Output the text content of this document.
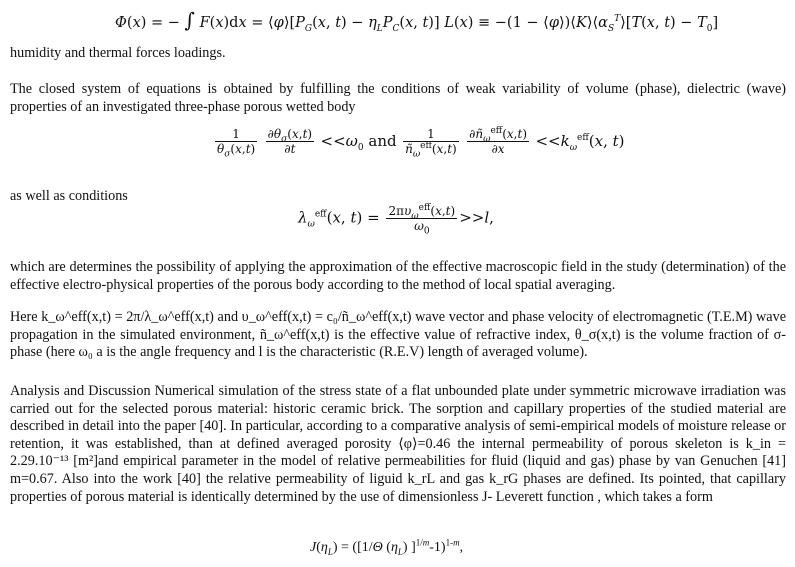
Φ(x) = − ∫ $F(x)dx = ⟨\varphi⟩[P_G(x$, $t) - \eta_LP_C(x$, t)] $L(x) \equiv -(1 - ⟨\varphi⟩)⟨K⟩⟨\alpha_S^T⟩[T(x$, $t) - T_0$]
humidity and thermal forces loadings.

The closed system of equations is obtained by fulfilling the conditions of weak variability of volume (phase), dielectric (wave) properties of an investigated three-phase porous wetted body

$\frac{1}{\theta_\sigma(x,t)}$
$\frac{\partial\theta_\sigma(x,t)}{\partial t} <<\omega_0$ and $\frac{1}{ñ_\omega^{eff}(x,t)}$
$\frac{\partial ñ_\omega^{eff}(x,t)}{\partial x} <<k_\omega^{eff}(x$, t)
as well as conditions
$\lambda_\omega^{eff}(x$, $t) = \frac{2\pi\upsilon_\omega^{eff}(x,t)}{\omega_0} >>l$,

which are determines the possibility of applying the approximation of the effective macroscopic field in the study (determination) of the effective electro-physical properties of the porous body according to the method of local spatial averaging.

Here k_ω^eff(x,t) = 2π/λ_ω^eff(x,t) and υ_ω^eff(x,t) = c₀/ñ_ω^eff(x,t) wave vector and phase velocity of electromagnetic (T.E.M) wave propagation in the simulated environment, ñ_ω^eff(x,t) is the effective value of refractive index, θ_σ(x,t) is the volume fraction of σ-phase (here ω₀ a is the angle frequency and l is the characteristic (R.E.V) length of averaged volume).

Analysis and Discussion Numerical simulation of the stress state of a flat unbounded plate under symmetric microwave irradiation was carried out for the selected porous material: historic ceramic brick. The sorption and capillary properties of the studied material are described in detail into the paper [40]. In particular, according to a comparative analysis of semi-empirical models of moisture release or retention, it was established, than at defined averaged porosity ⟨φ⟩=0.46 the internal permeability of porous skeleton is k_in = 2.29.10⁻¹³ [m²]and empirical parameter in the model of relative permeabilities for fluid (liquid and gas) phase by van Genuchen [41] m=0.67. Also into the work [40] the relative permeability of liguid k_rL and gas k_rG phases are defined. Its pointed, that capillary properties of porous material is identically determined by the use of dimensionless J- Leverett function , which takes a form

$J(\eta_L) = ([1/\Theta$ $(\eta_L)$ ]$^{1/m}$-1)$^{1-m}$,
